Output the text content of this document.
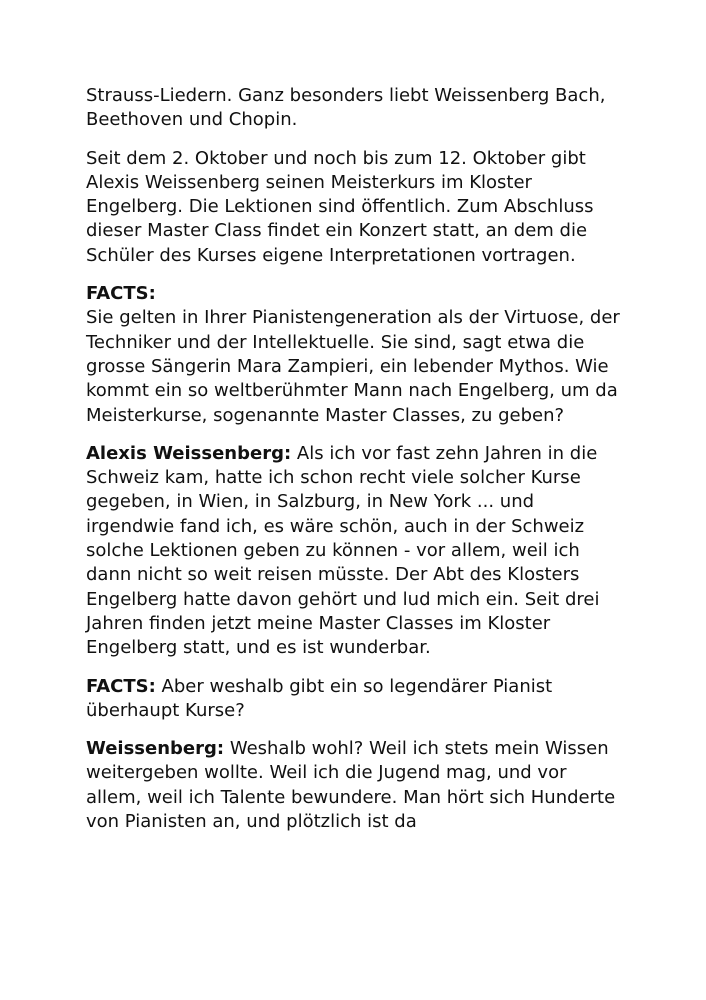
Strauss-Liedern. Ganz besonders liebt Weissenberg Bach, Beethoven und Chopin.

Seit dem 2. Oktober und noch bis zum 12. Oktober gibt Alexis Weissenberg seinen Meisterkurs im Kloster Engelberg. Die Lektionen sind öffentlich. Zum Abschluss dieser Master Class findet ein Konzert statt, an dem die Schüler des Kurses eigene Interpretationen vortragen.

FACTS:
Sie gelten in Ihrer Pianistengeneration als der Virtuose, der Techniker und der Intellektuelle. Sie sind, sagt etwa die grosse Sängerin Mara Zampieri, ein lebender Mythos. Wie kommt ein so weltberühmter Mann nach Engelberg, um da Meisterkurse, sogenannte Master Classes, zu geben?

Alexis Weissenberg: Als ich vor fast zehn Jahren in die Schweiz kam, hatte ich schon recht viele solcher Kurse gegeben, in Wien, in Salzburg, in New York ... und irgendwie fand ich, es wäre schön, auch in der Schweiz solche Lektionen geben zu können - vor allem, weil ich dann nicht so weit reisen müsste. Der Abt des Klosters Engelberg hatte davon gehört und lud mich ein. Seit drei Jahren finden jetzt meine Master Classes im Kloster Engelberg statt, und es ist wunderbar.

FACTS: Aber weshalb gibt ein so legendärer Pianist überhaupt Kurse?

Weissenberg: Weshalb wohl? Weil ich stets mein Wissen weitergeben wollte. Weil ich die Jugend mag, und vor allem, weil ich Talente bewundere. Man hört sich Hunderte von Pianisten an, und plötzlich ist da
